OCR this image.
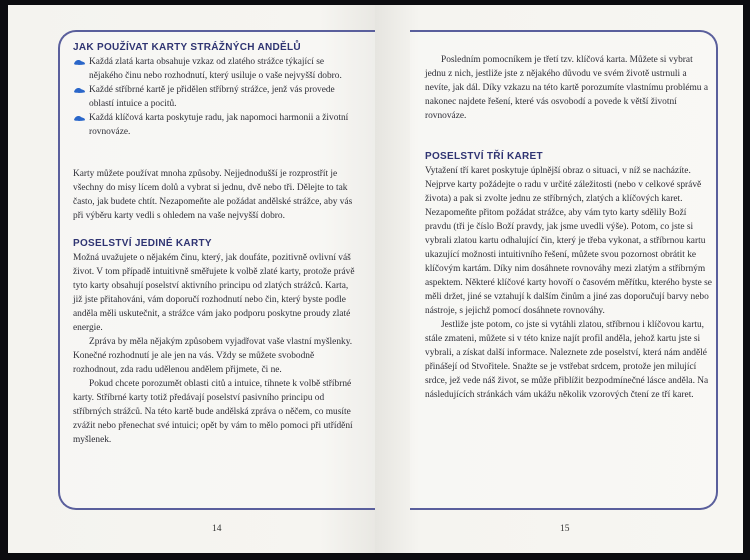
JAK POUŽÍVAT KARTY STRÁŽNÝCH ANDĚLŮ
Každá zlatá karta obsahuje vzkaz od zlatého strážce týkající se nějakého činu nebo rozhodnutí, který usiluje o vaše nejvyšší dobro.
Každé stříbrné kartě je přidělen stříbrný strážce, jenž vás provede oblastí intuice a pocitů.
Každá klíčová karta poskytuje radu, jak napomoci harmonii a životní rovnováze.

Karty můžete používat mnoha způsoby. Nejjednodušší je rozprostřít je všechny do misy lícem dolů a vybrat si jednu, dvě nebo tři. Dělejte to tak často, jak budete chtít. Nezapomeňte ale požádat andělské strážce, aby vás při výběru karty vedli s ohledem na vaše nejvyšší dobro.

POSELSTVÍ JEDINÉ KARTY

Možná uvažujete o nějakém činu, který, jak doufáte, pozitivně ovlivní váš život. V tom případě intuitivně směřujete k volbě zlaté karty, protože právě tyto karty obsahují poselství aktivního principu od zlatých strážců. Karta, již jste přitahováni, vám doporučí rozhodnutí nebo čin, který byste podle anděla měli uskutečnit, a strážce vám jako podporu poskytne proudy zlaté energie.

Zpráva by měla nějakým způsobem vyjadřovat vaše vlastní myšlenky. Konečné rozhodnutí je ale jen na vás. Vždy se můžete svobodně rozhodnout, zda radu udělenou andělem přijmete, či ne.

Pokud chcete porozumět oblasti citů a intuice, tíhnete k volbě stříbrné karty. Stříbrné karty totiž předávají poselství pasivního principu od stříbrných strážců. Na této kartě bude andělská zpráva o něčem, co musíte zvážit nebo přenechat své intuici; opět by vám to mělo pomoci při utřídění myšlenek.

14

Posledním pomocníkem je třetí tzv. klíčová karta. Můžete si vybrat jednu z nich, jestliže jste z nějakého důvodu ve svém životě ustrnuli a nevíte, jak dál. Díky vzkazu na této kartě porozumíte vlastnímu problému a nakonec najdete řešení, které vás osvobodí a povede k větší životní rovnováze.

POSELSTVÍ TŘÍ KARET

Vytažení tří karet poskytuje úplnější obraz o situaci, v níž se nacházíte. Nejprve karty požádejte o radu v určité záležitosti (nebo v celkové správě života) a pak si zvolte jednu ze stříbrných, zlatých a klíčových karet. Nezapomeňte přitom požádat strážce, aby vám tyto karty sdělily Boží pravdu (tři je číslo Boží pravdy, jak jsme uvedli výše). Potom, co jste si vybrali zlatou kartu odhalující čin, který je třeba vykonat, a stříbrnou kartu ukazující možnosti intuitivního řešení, můžete svou pozornost obrátit ke klíčovým kartám. Díky nim dosáhnete rovnováhy mezi zlatým a stříbrným aspektem. Některé klíčové karty hovoří o časovém měřítku, kterého byste se měli držet, jiné se vztahují k dalším činům a jiné zas doporučují barvy nebo nástroje, s jejichž pomocí dosáhnete rovnováhy.

Jestliže jste potom, co jste si vytáhli zlatou, stříbrnou i klíčovou kartu, stále zmateni, můžete si v této knize najít profil anděla, jehož kartu jste si vybrali, a získat další informace. Naleznete zde poselství, která nám andělé přinášejí od Stvořitele. Snažte se je vstřebat srdcem, protože jen milující srdce, jež vede náš život, se může přiblížit bezpodmínečné lásce anděla. Na následujících stránkách vám ukážu několik vzorových čtení ze tří karet.

15
